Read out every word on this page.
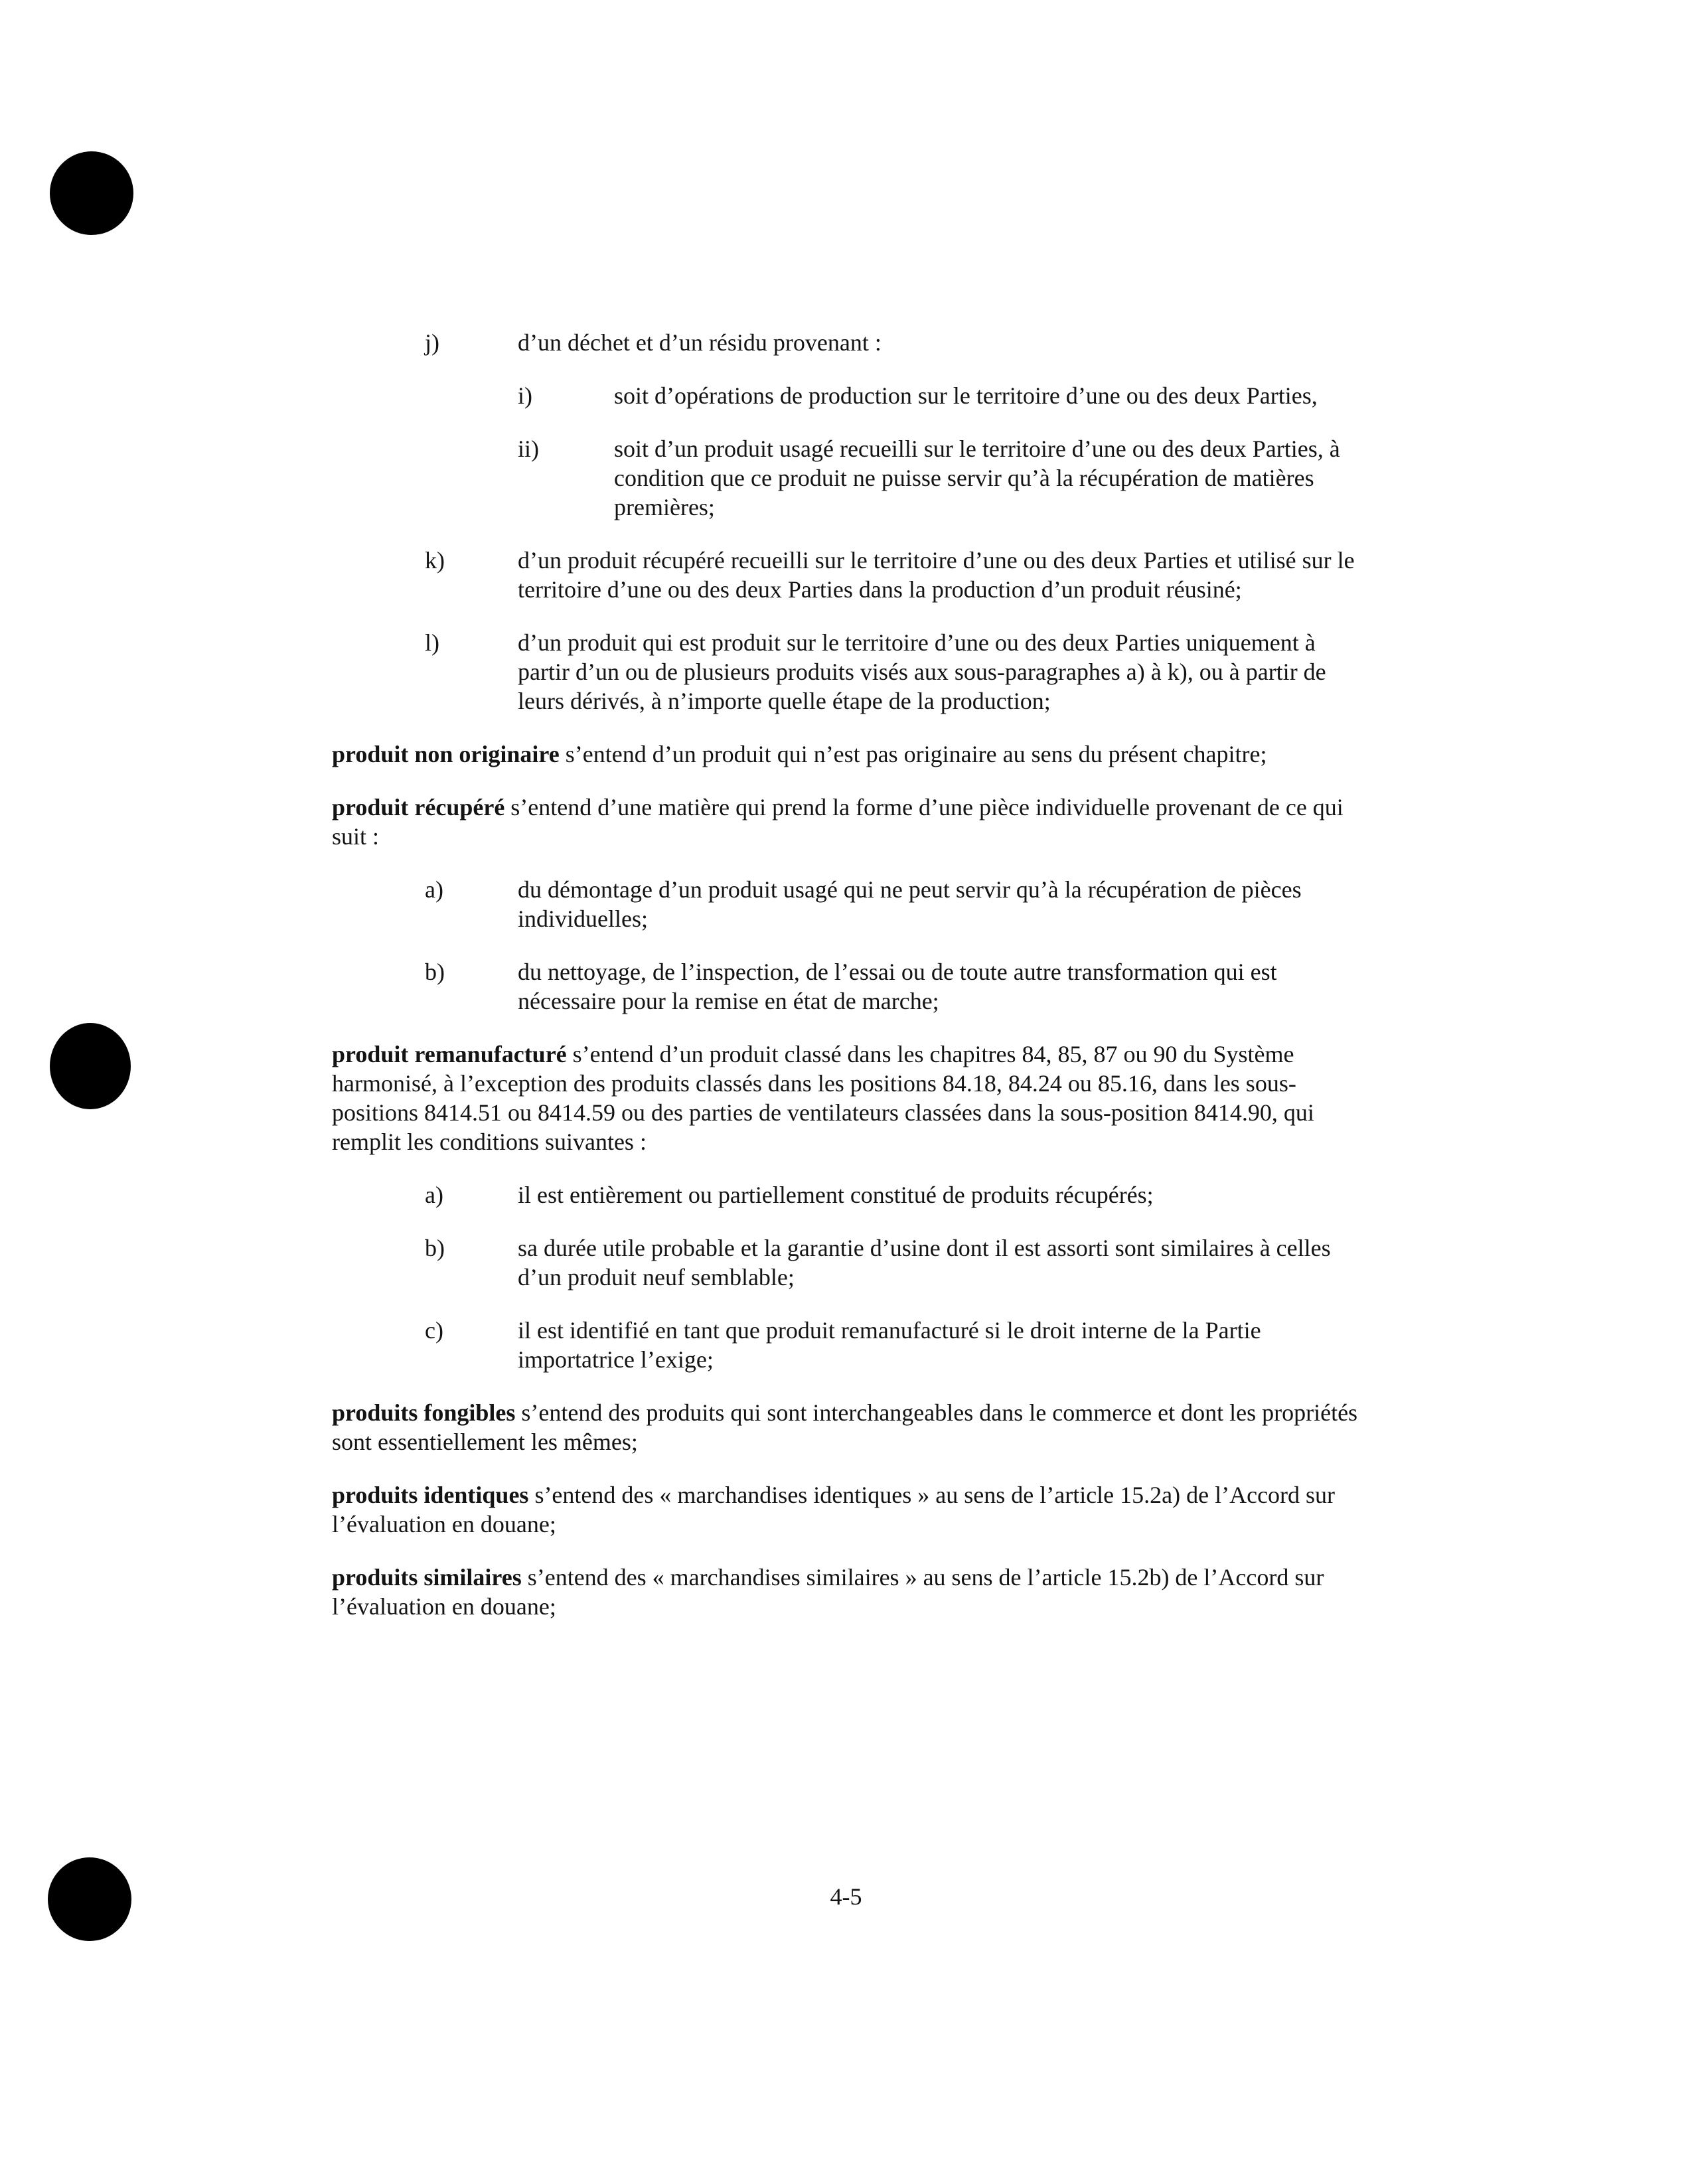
j)	d’un déchet et d’un résidu provenant :
i)	soit d’opérations de production sur le territoire d’une ou des deux Parties,
ii)	soit d’un produit usagé recueilli sur le territoire d’une ou des deux Parties, à condition que ce produit ne puisse servir qu’à la récupération de matières premières;
k)	d’un produit récupéré recueilli sur le territoire d’une ou des deux Parties et utilisé sur le territoire d’une ou des deux Parties dans la production d’un produit réusiné;
l)	d’un produit qui est produit sur le territoire d’une ou des deux Parties uniquement à partir d’un ou de plusieurs produits visés aux sous-paragraphes a) à k), ou à partir de leurs dérivés, à n’importe quelle étape de la production;
produit non originaire s’entend d’un produit qui n’est pas originaire au sens du présent chapitre;
produit récupéré s’entend d’une matière qui prend la forme d’une pièce individuelle provenant de ce qui suit :
a)	du démontage d’un produit usagé qui ne peut servir qu’à la récupération de pièces individuelles;
b)	du nettoyage, de l’inspection, de l’essai ou de toute autre transformation qui est nécessaire pour la remise en état de marche;
produit remanufacturé s’entend d’un produit classé dans les chapitres 84, 85, 87 ou 90 du Système harmonisé, à l’exception des produits classés dans les positions 84.18, 84.24 ou 85.16, dans les sous-positions 8414.51 ou 8414.59 ou des parties de ventilateurs classées dans la sous-position 8414.90, qui remplit les conditions suivantes :
a)	il est entièrement ou partiellement constitué de produits récupérés;
b)	sa durée utile probable et la garantie d’usine dont il est assorti sont similaires à celles d’un produit neuf semblable;
c)	il est identifié en tant que produit remanufacturé si le droit interne de la Partie importatrice l’exige;
produits fongibles s’entend des produits qui sont interchangeables dans le commerce et dont les propriétés sont essentiellement les mêmes;
produits identiques s’entend des « marchandises identiques » au sens de l’article 15.2a) de l’Accord sur l’évaluation en douane;
produits similaires s’entend des « marchandises similaires » au sens de l’article 15.2b) de l’Accord sur l’évaluation en douane;
4-5
